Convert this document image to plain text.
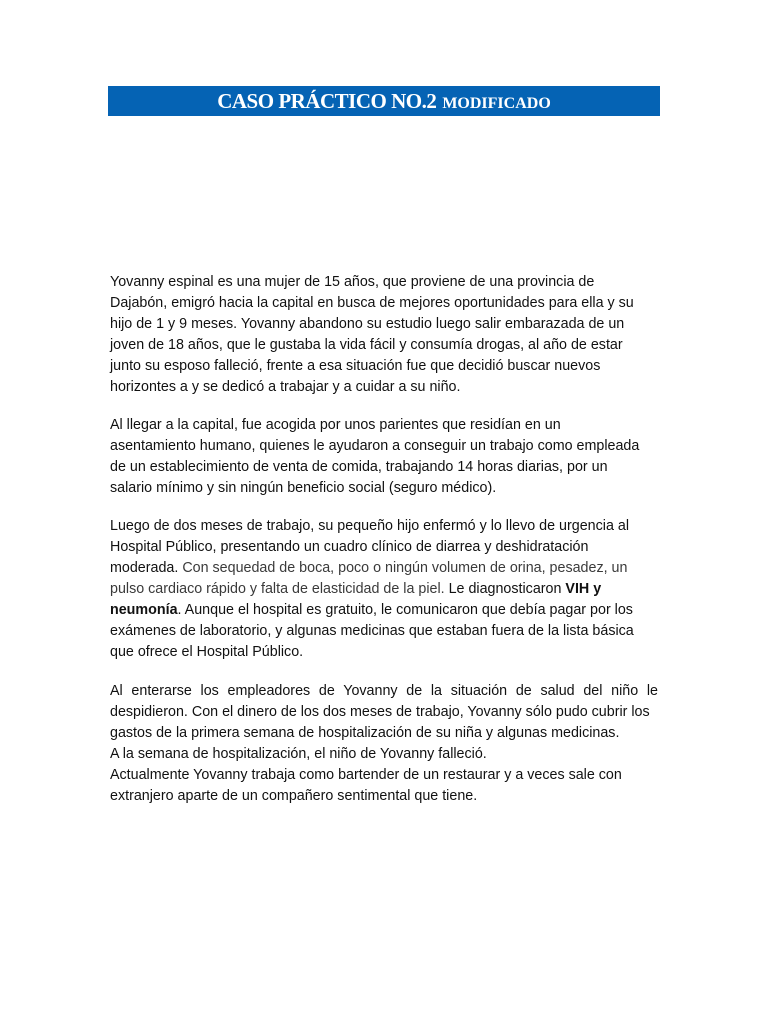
CASO PRÁCTICO NO.2 MODIFICADO
Yovanny espinal es una mujer de 15 años, que proviene de una provincia de
Dajabón, emigró hacia la capital en busca de mejores oportunidades para ella y su
hijo de 1 y 9 meses. Yovanny abandono su estudio luego salir embarazada de un
joven de 18 años, que le gustaba la vida fácil y consumía drogas, al año de estar
junto su esposo falleció, frente a esa situación fue que decidió buscar nuevos
horizontes a y se dedicó a trabajar y a cuidar a su niño.
Al llegar a la capital, fue acogida por unos parientes que residían en un
asentamiento humano, quienes le ayudaron a conseguir un trabajo como empleada
de un establecimiento de venta de comida, trabajando 14 horas diarias, por un
salario mínimo y sin ningún beneficio social (seguro médico).
Luego de dos meses de trabajo, su pequeño hijo enfermó y lo llevo de urgencia al
Hospital Público, presentando un cuadro clínico de diarrea y deshidratación
moderada. Con sequedad de boca, poco o ningún volumen de orina, pesadez, un
pulso cardiaco rápido y falta de elasticidad de la piel. Le diagnosticaron VIH y
neumonía. Aunque el hospital es gratuito, le comunicaron que debía pagar por los
exámenes de laboratorio, y algunas medicinas que estaban fuera de la lista básica
que ofrece el Hospital Público.
Al enterarse los empleadores de Yovanny de la situación de salud del niño le
despidieron. Con el dinero de los dos meses de trabajo, Yovanny sólo pudo cubrir los
gastos de la primera semana de hospitalización de su niña y algunas medicinas.
A la semana de hospitalización, el niño de Yovanny falleció.
Actualmente Yovanny trabaja como bartender de un restaurar y a veces sale con
extranjero aparte de un compañero sentimental que tiene.
